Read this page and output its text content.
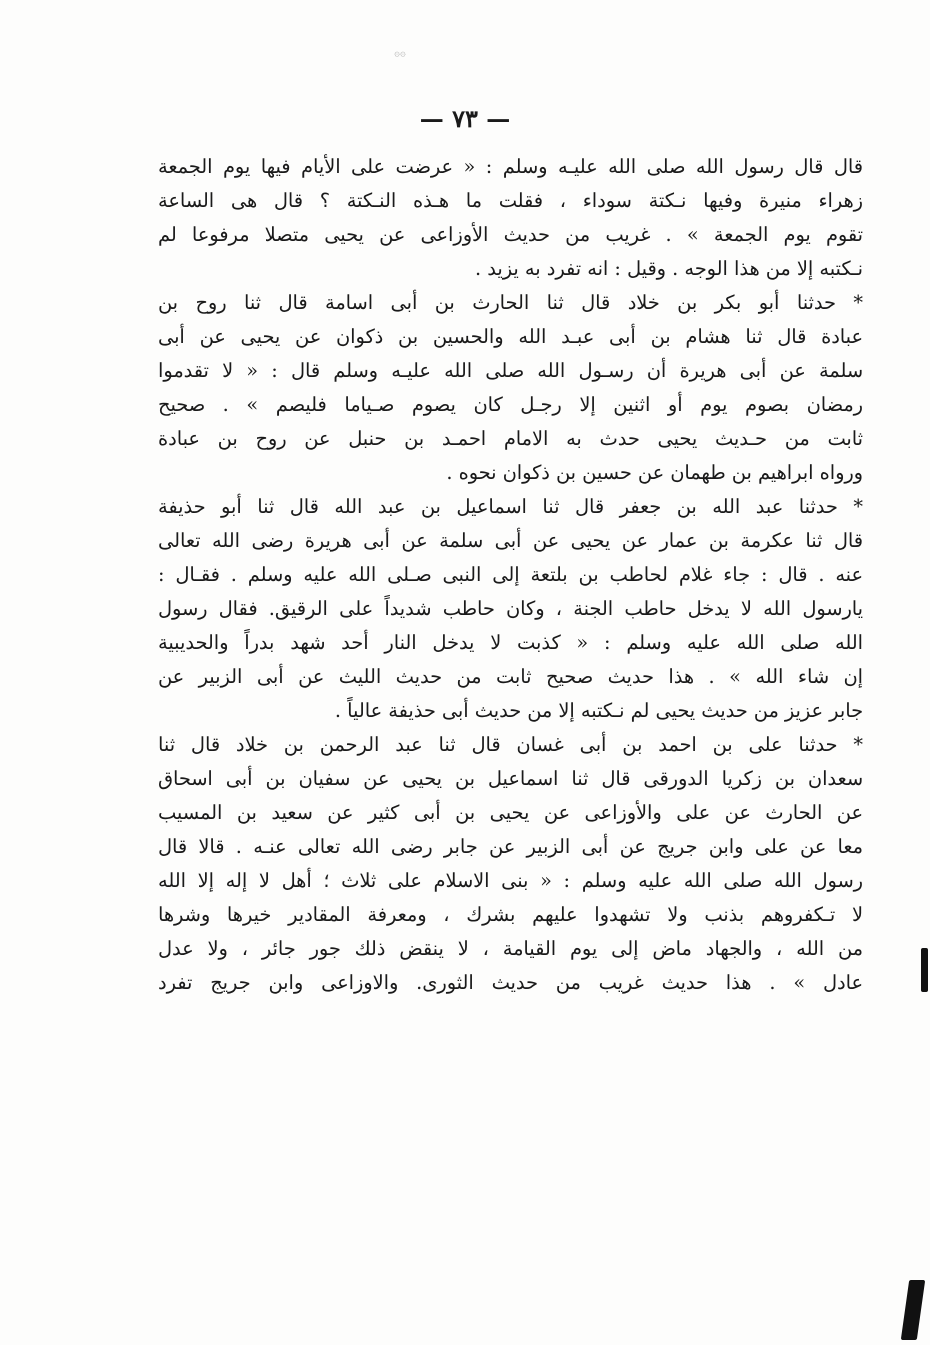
۞۞
— ٧٣ —
قال قال رسول الله صلى الله عليـه وسلم : « عرضت على الأيام فيها يوم الجمعة
زهراء منيرة وفيها نـكتة سوداء ، فقلت ما هـذه النـكتة ؟ قال هى الساعة
تقوم يوم الجمعة » . غريب من حديث الأوزاعى عن يحيى متصلا مرفوعا لم
نـكتبه إلا من هذا الوجه . وقيل : انه تفرد به يزيد .
* حدثنا أبو بكر بن خلاد قال ثنا الحارث بن أبى اسامة قال ثنا روح بن
عبادة قال ثنا هشام بن أبى عبـد الله والحسين بن ذكوان عن يحيى عن أبى
سلمة عن أبى هريرة أن رسـول الله صلى الله عليـه وسلم قال : « لا تقدموا
رمضان بصوم يوم أو اثنين إلا رجـل كان يصوم صـياما فليصم » . صحيح
ثابت من حـديث يحيى حدث به الامام احمـد بن حنبل عن روح بن عبادة
ورواه ابراهيم بن طهمان عن حسين بن ذكوان نحوه .
* حدثنا عبد الله بن جعفر قال ثنا اسماعيل بن عبد الله قال ثنا أبو حذيفة
قال ثنا عكرمة بن عمار عن يحيى عن أبى سلمة عن أبى هريرة رضى الله تعالى
عنه . قال : جاء غلام لحاطب بن بلتعة إلى النبى صـلى الله عليه وسلم . فقـال :
يارسول الله لا يدخل حاطب الجنة ، وكان حاطب شديداً على الرقيق. فقال رسول
الله صلى الله عليه وسلم : « كذبت لا يدخل النار أحد شهد بدراً والحديبية
إن شاء الله » . هذا حديث صحيح ثابت من حديث الليث عن أبى الزبير عن
جابر عزيز من حديث يحيى لم نـكتبه إلا من حديث أبى حذيفة عالياً .
* حدثنا على بن احمد بن أبى غسان قال ثنا عبد الرحمن بن خلاد قال ثنا
سعدان بن زكريا الدورقى قال ثنا اسماعيل بن يحيى عن سفيان بن أبى اسحاق
عن الحارث عن على والأوزاعى عن يحيى بن أبى كثير عن سعيد بن المسيب
معا عن على وابن جريج عن أبى الزبير عن جابر رضى الله تعالى عنـه . قالا قال
رسول الله صلى الله عليه وسلم : « بنى الاسلام على ثلاث ؛ أهل لا إله إلا الله
لا تـكفروهم بذنب ولا تشهدوا عليهم بشرك ، ومعرفة المقادير خيرها وشرها
من الله ، والجهاد ماض إلى يوم القيامة ، لا ينقض ذلك جور جائر ، ولا عدل
عادل » . هذا حديث غريب من حديث الثورى. والاوزاعى وابن جريج تفرد
